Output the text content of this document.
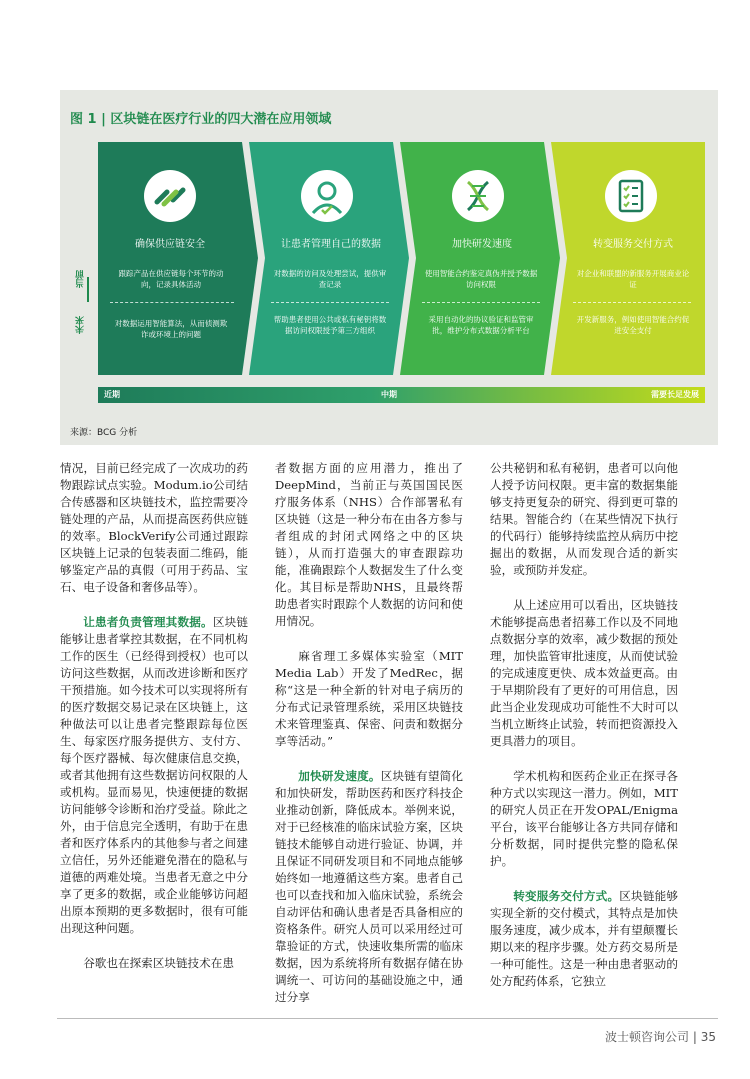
图 1 | 区块链在医疗行业的四大潜在应用领域
确保供应链安全
跟踪产品在供应链每个环节的动向，记录具体活动
对数据运用智能算法，从而侦测欺诈或环境上的问题
让患者管理自己的数据
对数据的访问及处理尝试，提供审查记录
帮助患者使用公共或私有秘钥将数据访问权限授予第三方组织
加快研发速度
使用智能合约鉴定真伪并授予数据访问权限
采用自动化的协议验证和监管审批，维护分布式数据分析平台
转变服务交付方式
对企业和联盟的新服务开展商业论证
开发新服务，例如使用智能合约促进安全支付
当前
未来
近期	中期	需要长足发展
来源：BCG 分析

情况，目前已经完成了一次成功的药物跟踪试点实验。Modum.io公司结合传感器和区块链技术，监控需要冷链处理的产品，从而提高医药供应链的效率。BlockVerify公司通过跟踪区块链上记录的包装表面二维码，能够鉴定产品的真假（可用于药品、宝石、电子设备和奢侈品等）。

让患者负责管理其数据。区块链能够让患者掌控其数据，在不同机构工作的医生（已经得到授权）也可以访问这些数据，从而改进诊断和医疗干预措施。如今技术可以实现将所有的医疗数据交易记录在区块链上，这种做法可以让患者完整跟踪每位医生、每家医疗服务提供方、支付方、每个医疗器械、每次健康信息交换，或者其他拥有这些数据访问权限的人或机构。显而易见，快速便捷的数据访问能够令诊断和治疗受益。除此之外，由于信息完全透明，有助于在患者和医疗体系内的其他参与者之间建立信任，另外还能避免潜在的隐私与道德的两难处境。当患者无意之中分享了更多的数据，或企业能够访问超出原本预期的更多数据时，很有可能出现这种问题。

谷歌也在探索区块链技术在患

者数据方面的应用潜力，推出了DeepMind，当前正与英国国民医疗服务体系（NHS）合作部署私有区块链（这是一种分布在由各方参与者组成的封闭式网络之中的区块链），从而打造强大的审查跟踪功能，准确跟踪个人数据发生了什么变化。其目标是帮助NHS，且最终帮助患者实时跟踪个人数据的访问和使用情况。

麻省理工多媒体实验室（MIT Media Lab）开发了MedRec，据称“这是一种全新的针对电子病历的分布式记录管理系统，采用区块链技术来管理鉴真、保密、问责和数据分享等活动。”

加快研发速度。区块链有望简化和加快研发，帮助医药和医疗科技企业推动创新，降低成本。举例来说，对于已经核准的临床试验方案，区块链技术能够自动进行验证、协调，并且保证不同研发项目和不同地点能够始终如一地遵循这些方案。患者自己也可以查找和加入临床试验，系统会自动评估和确认患者是否具备相应的资格条件。研究人员可以采用经过可靠验证的方式，快速收集所需的临床数据，因为系统将所有数据存储在协调统一、可访问的基础设施之中，通过分享

公共秘钥和私有秘钥，患者可以向他人授予访问权限。更丰富的数据集能够支持更复杂的研究、得到更可靠的结果。智能合约（在某些情况下执行的代码行）能够持续监控从病历中挖掘出的数据，从而发现合适的新实验，或预防并发症。

从上述应用可以看出，区块链技术能够提高患者招募工作以及不同地点数据分享的效率，减少数据的预处理，加快监管审批速度，从而使试验的完成速度更快、成本效益更高。由于早期阶段有了更好的可用信息，因此当企业发现成功可能性不大时可以当机立断终止试验，转而把资源投入更具潜力的项目。

学术机构和医药企业正在探寻各种方式以实现这一潜力。例如，MIT的研究人员正在开发OPAL/Enigma平台，该平台能够让各方共同存储和分析数据，同时提供完整的隐私保护。

转变服务交付方式。区块链能够实现全新的交付模式，其特点是加快服务速度，减少成本，并有望颠覆长期以来的程序步骤。处方药交易所是一种可能性。这是一种由患者驱动的处方配药体系，它独立

波士顿咨询公司 | 35
